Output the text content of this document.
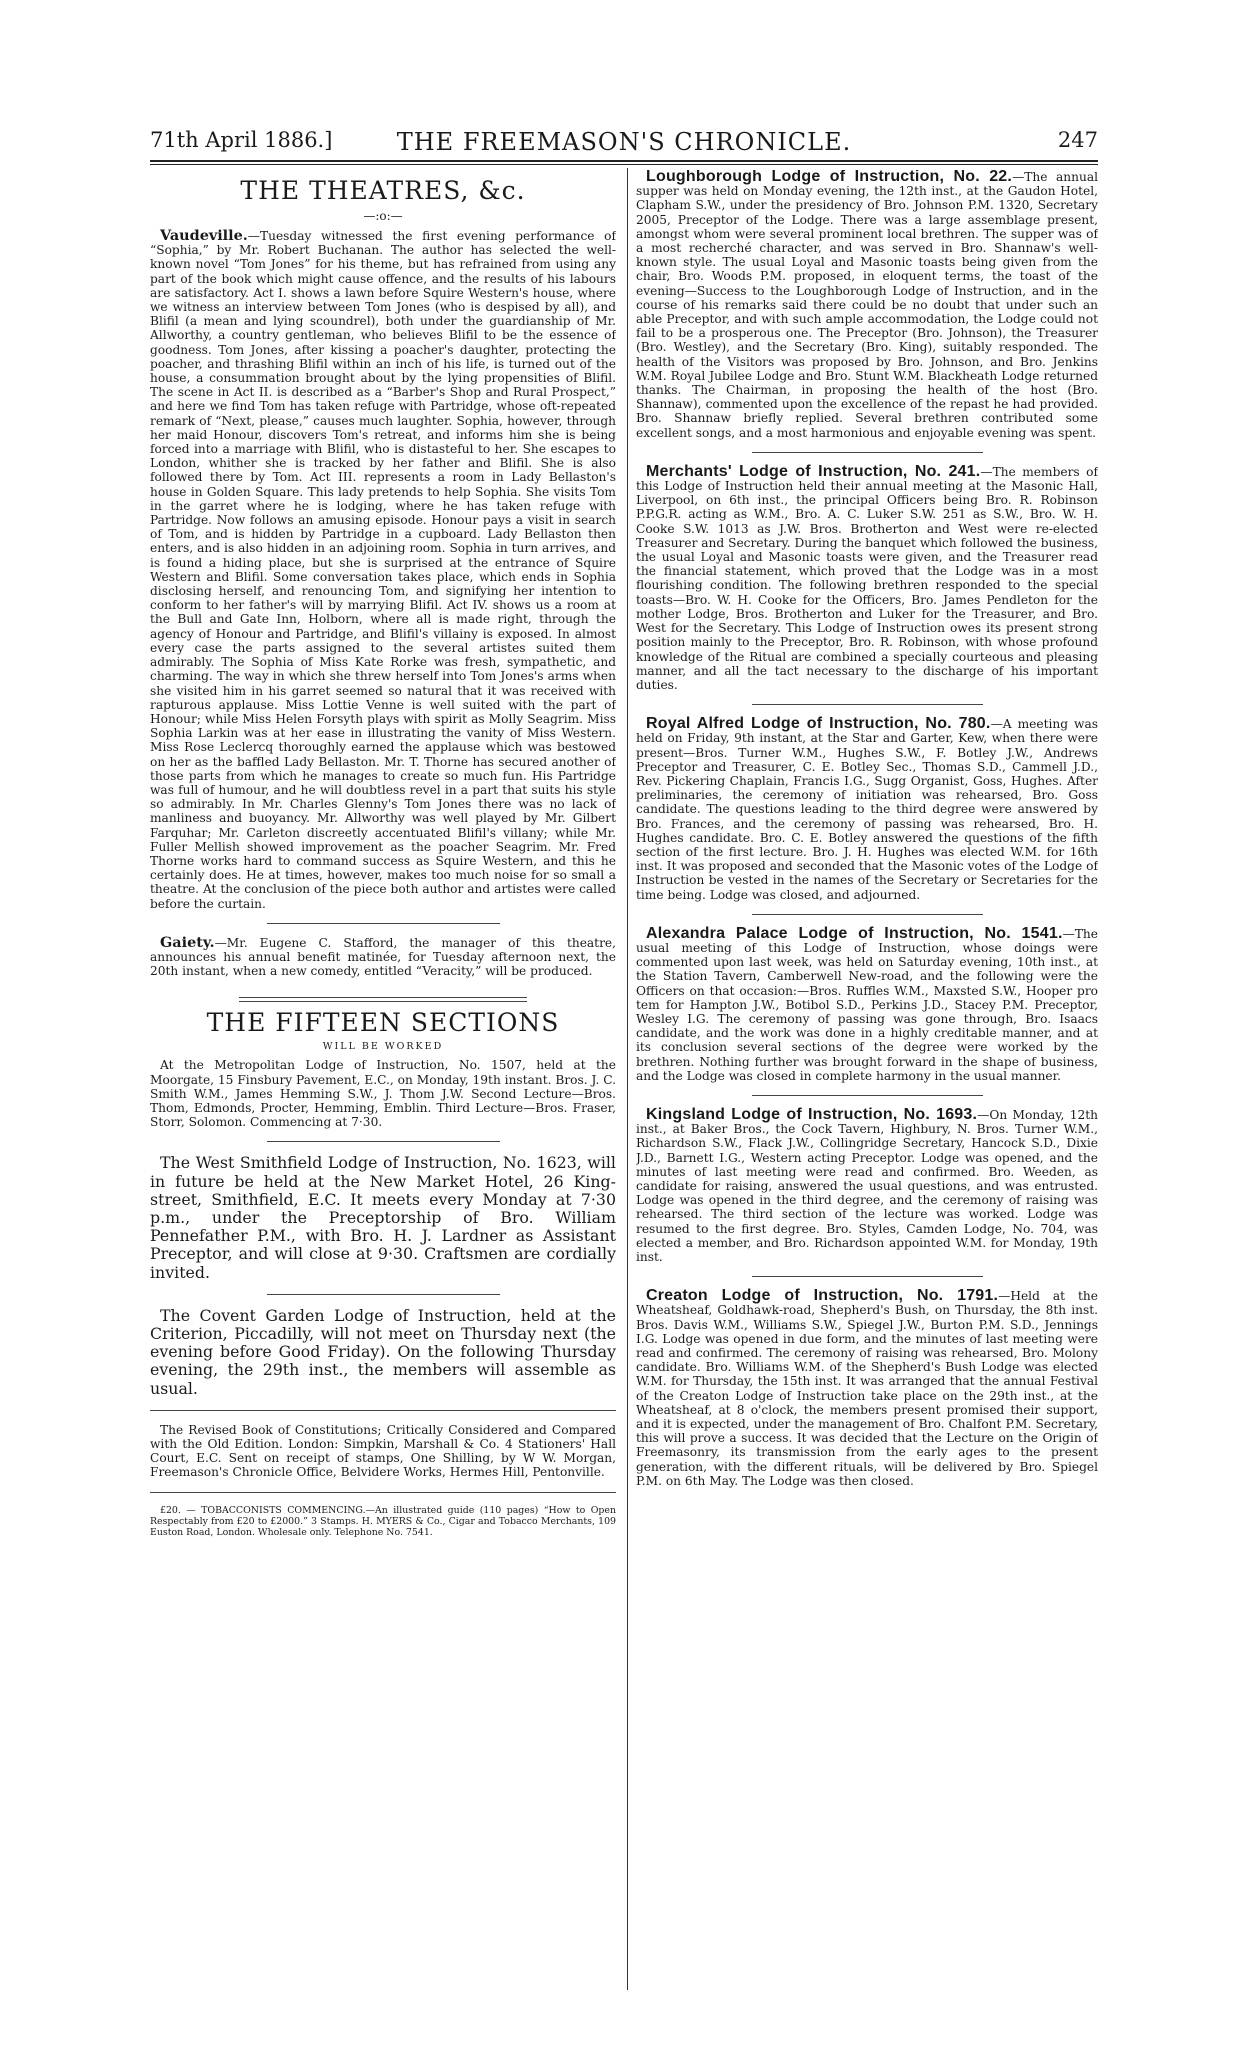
THE FREEMASON'S CHRONICLE.
71th April 1886.]	247
THE THEATRES, &c.
—:o:—

Vaudeville.—Tuesday witnessed the first evening performance of “Sophia,” by Mr. Robert Buchanan. The author has selected the well-known novel “Tom Jones” for his theme, but has refrained from using any part of the book which might cause offence, and the results of his labours are satisfactory. Act I. shows a lawn before Squire Western's house, where we witness an interview between Tom Jones (who is despised by all), and Blifil (a mean and lying scoundrel), both under the guardianship of Mr. Allworthy, a country gentleman, who believes Blifil to be the essence of goodness. Tom Jones, after kissing a poacher's daughter, protecting the poacher, and thrashing Blifil within an inch of his life, is turned out of the house, a consummation brought about by the lying propensities of Blifil. The scene in Act II. is described as a “Barber's Shop and Rural Prospect,” and here we find Tom has taken refuge with Partridge, whose oft-repeated remark of “Next, please,” causes much laughter. Sophia, however, through her maid Honour, discovers Tom's retreat, and informs him she is being forced into a marriage with Blifil, who is distasteful to her. She escapes to London, whither she is tracked by her father and Blifil. She is also followed there by Tom. Act III. represents a room in Lady Bellaston's house in Golden Square. This lady pretends to help Sophia. She visits Tom in the garret where he is lodging, where he has taken refuge with Partridge. Now follows an amusing episode. Honour pays a visit in search of Tom, and is hidden by Partridge in a cupboard. Lady Bellaston then enters, and is also hidden in an adjoining room. Sophia in turn arrives, and is found a hiding place, but she is surprised at the entrance of Squire Western and Blifil. Some conversation takes place, which ends in Sophia disclosing herself, and renouncing Tom, and signifying her intention to conform to her father's will by marrying Blifil. Act IV. shows us a room at the Bull and Gate Inn, Holborn, where all is made right, through the agency of Honour and Partridge, and Blifil's villainy is exposed. In almost every case the parts assigned to the several artistes suited them admirably. The Sophia of Miss Kate Rorke was fresh, sympathetic, and charming. The way in which she threw herself into Tom Jones's arms when she visited him in his garret seemed so natural that it was received with rapturous applause. Miss Lottie Venne is well suited with the part of Honour; while Miss Helen Forsyth plays with spirit as Molly Seagrim. Miss Sophia Larkin was at her ease in illustrating the vanity of Miss Western. Miss Rose Leclercq thoroughly earned the applause which was bestowed on her as the baffled Lady Bellaston. Mr. T. Thorne has secured another of those parts from which he manages to create so much fun. His Partridge was full of humour, and he will doubtless revel in a part that suits his style so admirably. In Mr. Charles Glenny's Tom Jones there was no lack of manliness and buoyancy. Mr. Allworthy was well played by Mr. Gilbert Farquhar; Mr. Carleton discreetly accentuated Blifil's villany; while Mr. Fuller Mellish showed improvement as the poacher Seagrim. Mr. Fred Thorne works hard to command success as Squire Western, and this he certainly does. He at times, however, makes too much noise for so small a theatre. At the conclusion of the piece both author and artistes were called before the curtain.

Gaiety.—Mr. Eugene C. Stafford, the manager of this theatre, announces his annual benefit matinée, for Tuesday afternoon next, the 20th instant, when a new comedy, entitled “Veracity,” will be produced.

THE FIFTEEN SECTIONS
WILL BE WORKED

At the Metropolitan Lodge of Instruction, No. 1507, held at the Moorgate, 15 Finsbury Pavement, E.C., on Monday, 19th instant. Bros. J. C. Smith W.M., James Hemming S.W., J. Thom J.W. Second Lecture—Bros. Thom, Edmonds, Procter, Hemming, Emblin. Third Lecture—Bros. Fraser, Storr, Solomon. Commencing at 7·30.

The West Smithfield Lodge of Instruction, No. 1623, will in future be held at the New Market Hotel, 26 King-street, Smithfield, E.C. It meets every Monday at 7·30 p.m., under the Preceptorship of Bro. William Pennefather P.M., with Bro. H. J. Lardner as Assistant Preceptor, and will close at 9·30. Craftsmen are cordially invited.

The Covent Garden Lodge of Instruction, held at the Criterion, Piccadilly, will not meet on Thursday next (the evening before Good Friday). On the following Thursday evening, the 29th inst., the members will assemble as usual.

The Revised Book of Constitutions; Critically Considered and Compared with the Old Edition. London: Simpkin, Marshall & Co. 4 Stationers' Hall Court, E.C. Sent on receipt of stamps, One Shilling, by W W. Morgan, Freemason's Chronicle Office, Belvidere Works, Hermes Hill, Pentonville.

£20. — TOBACCONISTS COMMENCING.—An illustrated guide (110 pages) “How to Open Respectably from £20 to £2000.” 3 Stamps. H. MYERS & Co., Cigar and Tobacco Merchants, 109 Euston Road, London. Wholesale only. Telephone No. 7541.

Loughborough Lodge of Instruction, No. 22.—The annual supper was held on Monday evening, the 12th inst., at the Gaudon Hotel, Clapham S.W., under the presidency of Bro. Johnson P.M. 1320, Secretary 2005, Preceptor of the Lodge. There was a large assemblage present, amongst whom were several prominent local brethren. The supper was of a most recherché character, and was served in Bro. Shannaw's well-known style. The usual Loyal and Masonic toasts being given from the chair, Bro. Woods P.M. proposed, in eloquent terms, the toast of the evening—Success to the Loughborough Lodge of Instruction, and in the course of his remarks said there could be no doubt that under such an able Preceptor, and with such ample accommodation, the Lodge could not fail to be a prosperous one. The Preceptor (Bro. Johnson), the Treasurer (Bro. Westley), and the Secretary (Bro. King), suitably responded. The health of the Visitors was proposed by Bro. Johnson, and Bro. Jenkins W.M. Royal Jubilee Lodge and Bro. Stunt W.M. Blackheath Lodge returned thanks. The Chairman, in proposing the health of the host (Bro. Shannaw), commented upon the excellence of the repast he had provided. Bro. Shannaw briefly replied. Several brethren contributed some excellent songs, and a most harmonious and enjoyable evening was spent.

Merchants' Lodge of Instruction, No. 241.—The members of this Lodge of Instruction held their annual meeting at the Masonic Hall, Liverpool, on 6th inst., the principal Officers being Bro. R. Robinson P.P.G.R. acting as W.M., Bro. A. C. Luker S.W. 251 as S.W., Bro. W. H. Cooke S.W. 1013 as J.W. Bros. Brotherton and West were re-elected Treasurer and Secretary. During the banquet which followed the business, the usual Loyal and Masonic toasts were given, and the Treasurer read the financial statement, which proved that the Lodge was in a most flourishing condition. The following brethren responded to the special toasts—Bro. W. H. Cooke for the Officers, Bro. James Pendleton for the mother Lodge, Bros. Brotherton and Luker for the Treasurer, and Bro. West for the Secretary. This Lodge of Instruction owes its present strong position mainly to the Preceptor, Bro. R. Robinson, with whose profound knowledge of the Ritual are combined a specially courteous and pleasing manner, and all the tact necessary to the discharge of his important duties.

Royal Alfred Lodge of Instruction, No. 780.—A meeting was held on Friday, 9th instant, at the Star and Garter, Kew, when there were present—Bros. Turner W.M., Hughes S.W., F. Botley J.W., Andrews Preceptor and Treasurer, C. E. Botley Sec., Thomas S.D., Cammell J.D., Rev. Pickering Chaplain, Francis I.G., Sugg Organist, Goss, Hughes. After preliminaries, the ceremony of initiation was rehearsed, Bro. Goss candidate. The questions leading to the third degree were answered by Bro. Frances, and the ceremony of passing was rehearsed, Bro. H. Hughes candidate. Bro. C. E. Botley answered the questions of the fifth section of the first lecture. Bro. J. H. Hughes was elected W.M. for 16th inst. It was proposed and seconded that the Masonic votes of the Lodge of Instruction be vested in the names of the Secretary or Secretaries for the time being. Lodge was closed, and adjourned.

Alexandra Palace Lodge of Instruction, No. 1541.—The usual meeting of this Lodge of Instruction, whose doings were commented upon last week, was held on Saturday evening, 10th inst., at the Station Tavern, Camberwell New-road, and the following were the Officers on that occasion:—Bros. Ruffles W.M., Maxsted S.W., Hooper pro tem for Hampton J.W., Botibol S.D., Perkins J.D., Stacey P.M. Preceptor, Wesley I.G. The ceremony of passing was gone through, Bro. Isaacs candidate, and the work was done in a highly creditable manner, and at its conclusion several sections of the degree were worked by the brethren. Nothing further was brought forward in the shape of business, and the Lodge was closed in complete harmony in the usual manner.

Kingsland Lodge of Instruction, No. 1693.—On Monday, 12th inst., at Baker Bros., the Cock Tavern, Highbury, N. Bros. Turner W.M., Richardson S.W., Flack J.W., Collingridge Secretary, Hancock S.D., Dixie J.D., Barnett I.G., Western acting Preceptor. Lodge was opened, and the minutes of last meeting were read and confirmed. Bro. Weeden, as candidate for raising, answered the usual questions, and was entrusted. Lodge was opened in the third degree, and the ceremony of raising was rehearsed. The third section of the lecture was worked. Lodge was resumed to the first degree. Bro. Styles, Camden Lodge, No. 704, was elected a member, and Bro. Richardson appointed W.M. for Monday, 19th inst.

Creaton Lodge of Instruction, No. 1791.—Held at the Wheatsheaf, Goldhawk-road, Shepherd's Bush, on Thursday, the 8th inst. Bros. Davis W.M., Williams S.W., Spiegel J.W., Burton P.M. S.D., Jennings I.G. Lodge was opened in due form, and the minutes of last meeting were read and confirmed. The ceremony of raising was rehearsed, Bro. Molony candidate. Bro. Williams W.M. of the Shepherd's Bush Lodge was elected W.M. for Thursday, the 15th inst. It was arranged that the annual Festival of the Creaton Lodge of Instruction take place on the 29th inst., at the Wheatsheaf, at 8 o'clock, the members present promised their support, and it is expected, under the management of Bro. Chalfont P.M. Secretary, this will prove a success. It was decided that the Lecture on the Origin of Freemasonry, its transmission from the early ages to the present generation, with the different rituals, will be delivered by Bro. Spiegel P.M. on 6th May. The Lodge was then closed.
